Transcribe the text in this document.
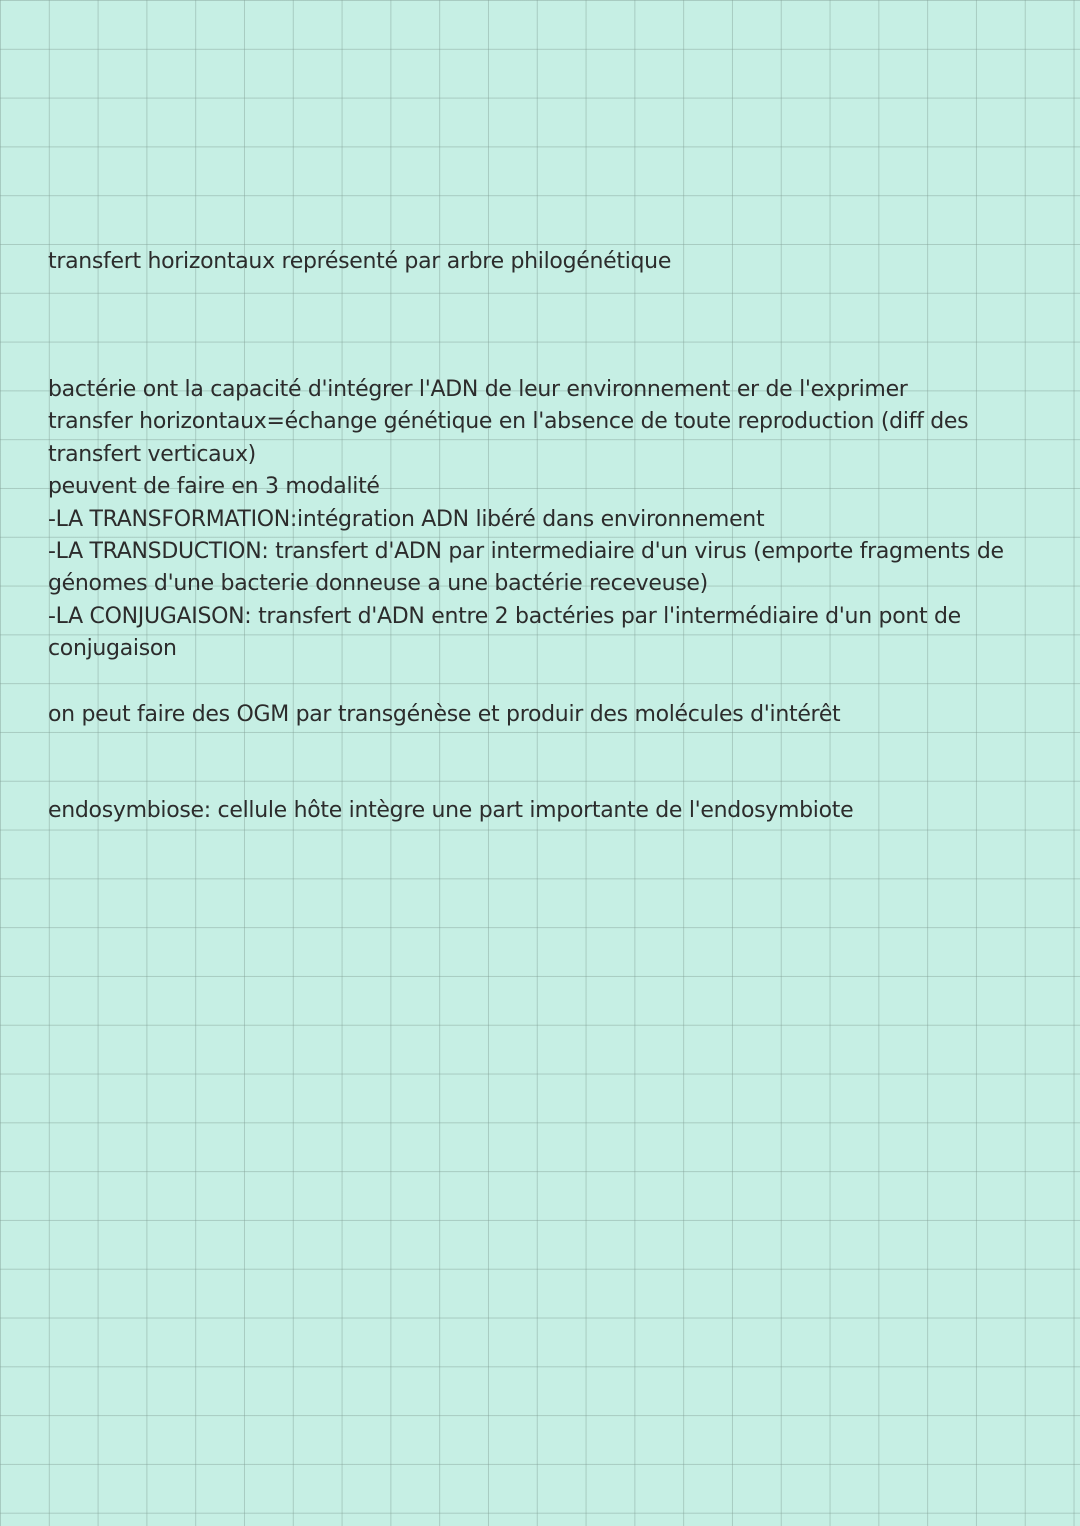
transfert horizontaux représenté par arbre philogénétique

bactérie ont la capacité d'intégrer l'ADN de leur environnement er de l'exprimer
transfer horizontaux=échange génétique en l'absence de toute reproduction (diff des
transfert verticaux)
peuvent de faire en 3 modalité
-LA TRANSFORMATION:intégration ADN libéré dans environnement
-LA TRANSDUCTION: transfert d'ADN par intermediaire d'un virus (emporte fragments de
génomes d'une bacterie donneuse a une bactérie receveuse)
-LA CONJUGAISON: transfert d'ADN entre 2 bactéries par l'intermédiaire d'un pont de
conjugaison

on peut faire des OGM par transgénèse et produir des molécules d'intérêt

endosymbiose: cellule hôte intègre une part importante de l'endosymbiote
